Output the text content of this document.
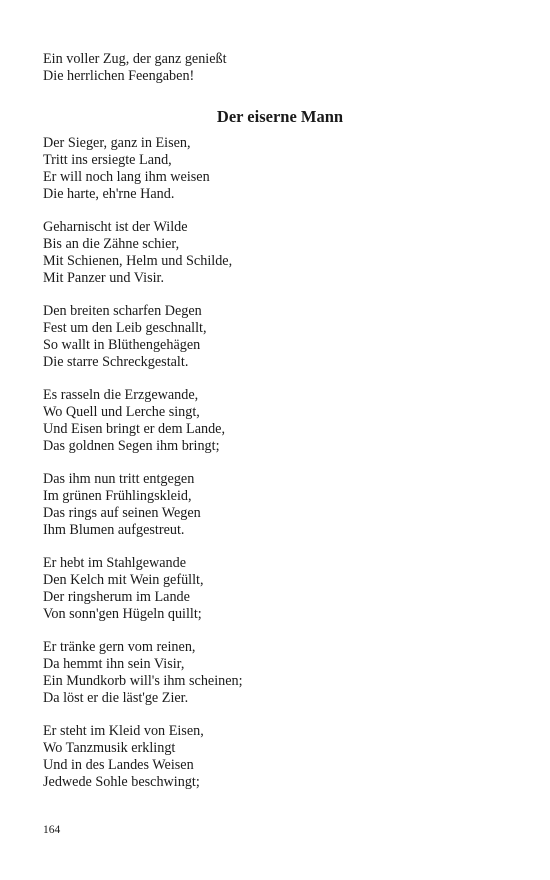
Ein voller Zug, der ganz genießt
Die herrlichen Feengaben!
Der eiserne Mann
Der Sieger, ganz in Eisen,
Tritt ins ersiegte Land,
Er will noch lang ihm weisen
Die harte, eh'rne Hand.
Geharnischt ist der Wilde
Bis an die Zähne schier,
Mit Schienen, Helm und Schilde,
Mit Panzer und Visir.
Den breiten scharfen Degen
Fest um den Leib geschnallt,
So wallt in Blüthengehägen
Die starre Schreckgestalt.
Es rasseln die Erzgewande,
Wo Quell und Lerche singt,
Und Eisen bringt er dem Lande,
Das goldnen Segen ihm bringt;
Das ihm nun tritt entgegen
Im grünen Frühlingskleid,
Das rings auf seinen Wegen
Ihm Blumen aufgestreut.
Er hebt im Stahlgewande
Den Kelch mit Wein gefüllt,
Der ringsherum im Lande
Von sonn'gen Hügeln quillt;
Er tränke gern vom reinen,
Da hemmt ihn sein Visir,
Ein Mundkorb will's ihm scheinen;
Da löst er die läst'ge Zier.
Er steht im Kleid von Eisen,
Wo Tanzmusik erklingt
Und in des Landes Weisen
Jedwede Sohle beschwingt;
164
